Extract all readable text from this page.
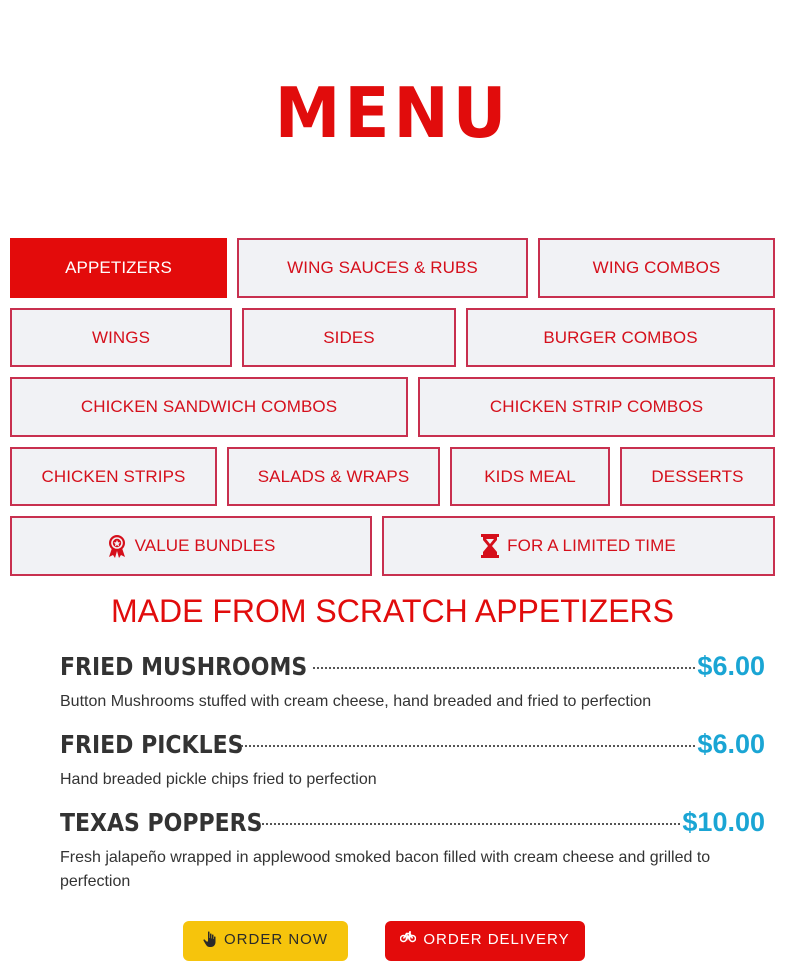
MENU
APPETIZERS	WING SAUCES & RUBS	WING COMBOS
WINGS	SIDES	BURGER COMBOS
CHICKEN SANDWICH COMBOS	CHICKEN STRIP COMBOS
CHICKEN STRIPS	SALADS & WRAPS	KIDS MEAL	DESSERTS
VALUE BUNDLES	FOR A LIMITED TIME
MADE FROM SCRATCH APPETIZERS
FRIED MUSHROOMS	$6.00
Button Mushrooms stuffed with cream cheese, hand breaded and fried to perfection
FRIED PICKLES	$6.00
Hand breaded pickle chips fried to perfection
TEXAS POPPERS	$10.00
Fresh jalapeño wrapped in applewood smoked bacon filled with cream cheese and grilled to perfection
ORDER NOW	ORDER DELIVERY
